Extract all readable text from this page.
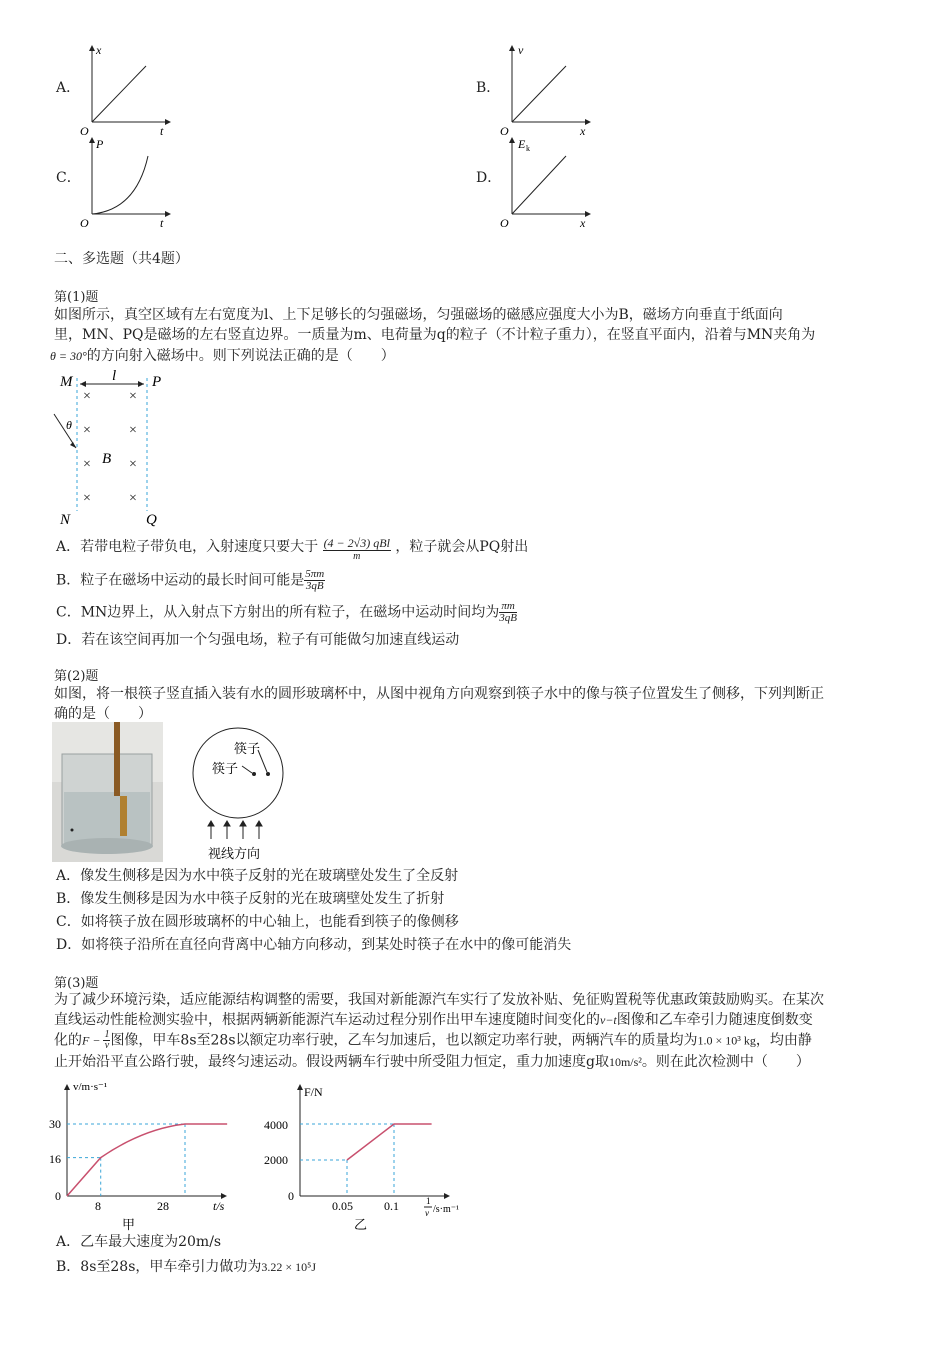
A．
x
t
O
B．
v
x
O
C．
P
t
O
D．
E k
x
O
二、多选题（共4题）
第(1)题
如图所示，真空区域有左右宽度为l、上下足够长的匀强磁场，匀强磁场的磁感应强度大小为B，磁场方向垂直于纸面向
里，MN、PQ是磁场的左右竖直边界。一质量为m、电荷量为q的粒子（不计粒子重力），在竖直平面内，沿着与MN夹角为
θ = 30°的方向射入磁场中。则下列说法正确的是（　　）
M	P
N	Q
l
B
θ
×	×
×	×
×	×
×	×
A．若带电粒子带负电，入射速度只要大于 $\frac{\text{(4 − 2√3) qBl}}{m}$ ，粒子就会从PQ射出
B．粒子在磁场中运动的最长时间可能是 $\frac{5\pi m}{3qB}$
C．MN边界上，从入射点下方射出的所有粒子，在磁场中运动时间均为 $\frac{\pi m}{3qB}$
D．若在该空间再加一个匀强电场，粒子有可能做匀加速直线运动
第(2)题
如图，将一根筷子竖直插入装有水的圆形玻璃杯中，从图中视角方向观察到筷子水中的像与筷子位置发生了侧移，下列判断正
确的是（　　）
筷子
筷子
视线方向
A．像发生侧移是因为水中筷子反射的光在玻璃壁处发生了全反射
B．像发生侧移是因为水中筷子反射的光在玻璃壁处发生了折射
C．如将筷子放在圆形玻璃杯的中心轴上，也能看到筷子的像侧移
D．如将筷子沿所在直径向背离中心轴方向移动，到某处时筷子在水中的像可能消失
第(3)题
为了减少环境污染，适应能源结构调整的需要，我国对新能源汽车实行了发放补贴、免征购置税等优惠政策鼓励购买。在某次
直线运动性能检测实验中，根据两辆新能源汽车运动过程分别作出甲车速度随时间变化的v−t图像和乙车牵引力随速度倒数变
化的$F - \frac{1}{v}$ 图像，甲车8s至28s以额定功率行驶，乙车匀加速后，也以额定功率行驶，两辆汽车的质量均为1.0 × 10³ kg，均由静
止开始沿平直公路行驶，最终匀速运动。假设两辆车行驶中所受阻力恒定，重力加速度g取10m/s²。则在此次检测中（　　）
v/m·s⁻¹
t/s
30
16
0
8	28
甲
F/N
1
v /s·m⁻¹
4000
2000
0
0.05	0.1
乙
A．乙车最大速度为20m/s
B．8s至28s，甲车牵引力做功为3.22 × 10⁵J
